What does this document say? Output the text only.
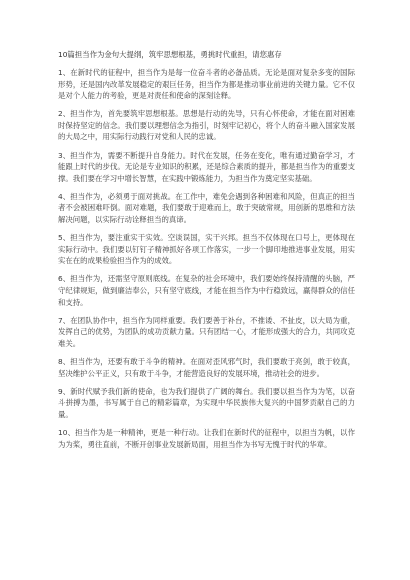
10篇担当作为金句大提纲，筑牢思想根基，勇挑时代重担，请您惠存

1、在新时代的征程中，担当作为是每一位奋斗者的必备品质。无论是面对复杂多变的国际形势，还是国内改革发展稳定的艰巨任务，担当作为都是推动事业前进的关键力量。它不仅是对个人能力的考验，更是对责任和使命的深刻诠释。

2、担当作为，首先要筑牢思想根基。思想是行动的先导，只有心怀使命，才能在面对困难时保持坚定的信念。我们要以理想信念为指引，时刻牢记初心，将个人的奋斗融入国家发展的大局之中，用实际行动践行对党和人民的忠诚。

3、担当作为，需要不断提升自身能力。时代在发展，任务在变化，唯有通过勤奋学习，才能跟上时代的步伐。无论是专业知识的积累，还是综合素质的提升，都是担当作为的重要支撑。我们要在学习中增长智慧，在实践中锻炼能力，为担当作为奠定坚实基础。

4、担当作为，必须勇于面对挑战。在工作中，难免会遇到各种困难和风险，但真正的担当者不会被困难吓倒。面对难题，我们要敢于迎难而上，敢于突破常规，用创新的思维和方法解决问题，以实际行动诠释担当的真谛。

5、担当作为，要注重实干实效。空谈误国，实干兴邦。担当不仅体现在口号上，更体现在实际行动中。我们要以钉钉子精神抓好各项工作落实，一步一个脚印地推进事业发展，用实实在在的成果检验担当作为的成效。

6、担当作为，还需坚守原则底线。在复杂的社会环境中，我们要始终保持清醒的头脑，严守纪律规矩，做到廉洁奉公，只有坚守底线，才能在担当作为中行稳致远，赢得群众的信任和支持。

7、在团队协作中，担当作为同样重要。我们要善于补台，不推诿、不扯皮，以大局为重，发挥自己的优势，为团队的成功贡献力量。只有团结一心，才能形成强大的合力，共同攻克难关。

8、担当作为，还要有敢于斗争的精神。在面对歪风邪气时，我们要敢于亮剑，敢于较真，坚决维护公平正义，只有敢于斗争，才能营造良好的发展环境，推动社会的进步。

9、新时代赋予我们新的使命，也为我们提供了广阔的舞台。我们要以担当作为为笔，以奋斗拼搏为墨，书写属于自己的精彩篇章，为实现中华民族伟大复兴的中国梦贡献自己的力量。

10、担当作为是一种精神，更是一种行动。让我们在新时代的征程中，以担当为帆，以作为为桨，勇往直前，不断开创事业发展新局面，用担当作为书写无愧于时代的华章。
